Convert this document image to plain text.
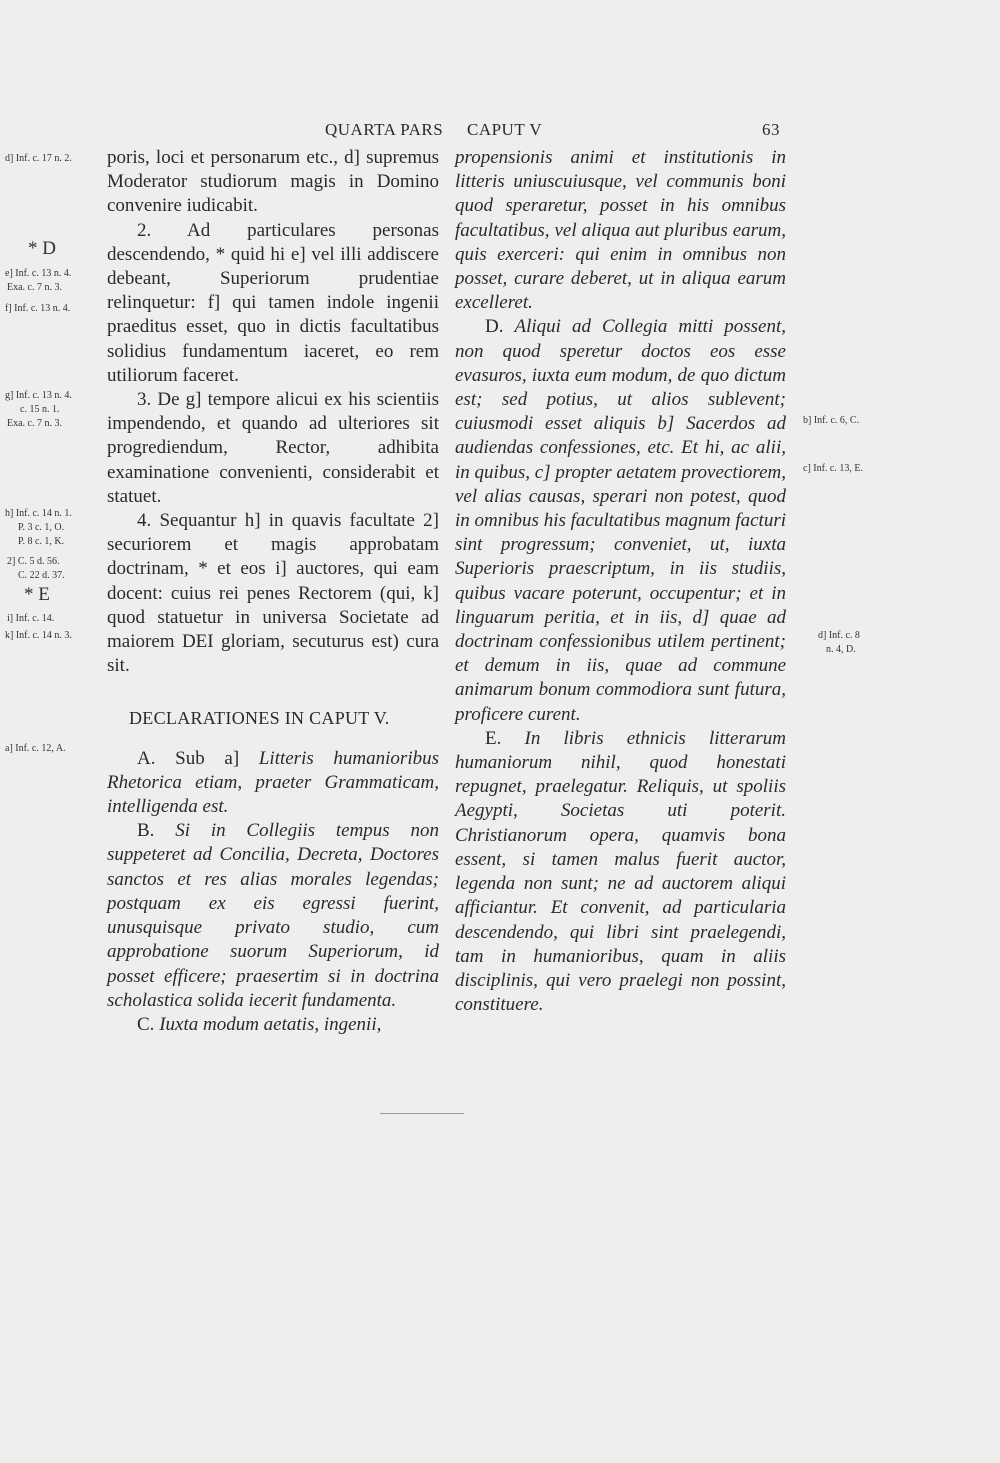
QUARTA PARS     CAPUT V	63
d] Inf. c. 17 n. 2.
* D
e] Inf. c. 13 n. 4.
Exa. c. 7 n. 3.
f] Inf. c. 13 n. 4.
g] Inf. c. 13 n. 4.
c. 15 n. 1.
Exa. c. 7 n. 3.
h] Inf. c. 14 n. 1.
P. 3 c. 1, O.
P. 8 c. 1, K.
2] C. 5 d. 56.
C. 22 d. 37.
* E
i] Inf. c. 14.
k] Inf. c. 14 n. 3.
a] Inf. c. 12, A.
b] Inf. c. 6, C.
c] Inf. c. 13, E.
d] Inf. c. 8
n. 4, D.

poris, loci et personarum etc., d] supremus Moderator studiorum magis in Domino convenire iudicabit.

2. Ad particulares personas descendendo, * quid hi e] vel illi addiscere debeant, Superiorum prudentiae relinquetur: f] qui tamen indole ingenii praeditus esset, quo in dictis facultatibus solidius fundamentum iaceret, eo rem utiliorum faceret.

3. De g] tempore alicui ex his scientiis impendendo, et quando ad ulteriores sit progrediendum, Rector, adhibita examinatione convenienti, considerabit et statuet.

4. Sequantur h] in quavis facultate 2] securiorem et magis approbatam doctrinam, * et eos i] auctores, qui eam docent: cuius rei penes Rectorem (qui, k] quod statuetur in universa Societate ad maiorem DEI gloriam, secuturus est) cura sit.

DECLARATIONES IN CAPUT V.

A. Sub a] Litteris humanioribus Rhetorica etiam, praeter Grammaticam, intelligenda est.

B. Si in Collegiis tempus non suppeteret ad Concilia, Decreta, Doctores sanctos et res alias morales legendas; postquam ex eis egressi fuerint, unusquisque privato studio, cum approbatione suorum Superiorum, id posset efficere; praesertim si in doctrina scholastica solida iecerit fundamenta.

C. Iuxta modum aetatis, ingenii,

propensionis animi et institutionis in litteris uniuscuiusque, vel communis boni quod speraretur, posset in his omnibus facultatibus, vel aliqua aut pluribus earum, quis exerceri: qui enim in omnibus non posset, curare deberet, ut in aliqua earum excelleret.

D. Aliqui ad Collegia mitti possent, non quod speretur doctos eos esse evasuros, iuxta eum modum, de quo dictum est; sed potius, ut alios sublevent; cuiusmodi esset aliquis b] Sacerdos ad audiendas confessiones, etc. Et hi, ac alii, in quibus, c] propter aetatem provectiorem, vel alias causas, sperari non potest, quod in omnibus his facultatibus magnum facturi sint progressum; conveniet, ut, iuxta Superioris praescriptum, in iis studiis, quibus vacare poterunt, occupentur; et in linguarum peritia, et in iis, d] quae ad doctrinam confessionibus utilem pertinent; et demum in iis, quae ad commune animarum bonum commodiora sunt futura, proficere curent.

E. In libris ethnicis litterarum humaniorum nihil, quod honestati repugnet, praelegatur. Reliquis, ut spoliis Aegypti, Societas uti poterit. Christianorum opera, quamvis bona essent, si tamen malus fuerit auctor, legenda non sunt; ne ad auctorem aliqui afficiantur. Et convenit, ad particularia descendendo, qui libri sint praelegendi, tam in humanioribus, quam in aliis disciplinis, qui vero praelegi non possint, constituere.
